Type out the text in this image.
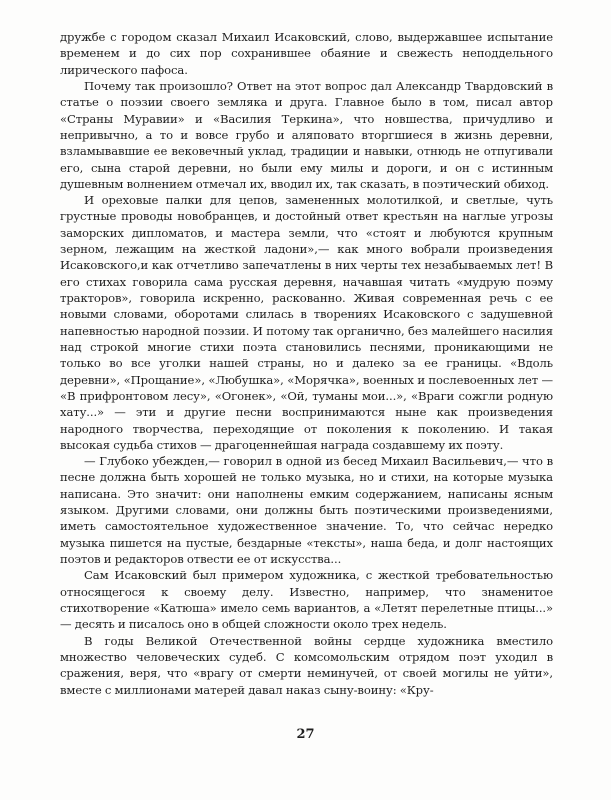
дружбе с городом сказал Михаил Исаковский, слово, выдержавшее испытание временем и до сих пор сохранившее обаяние и свежесть неподдельного лирического пафоса.

Почему так произошло? Ответ на этот вопрос дал Александр Твардовский в статье о поэзии своего земляка и друга. Главное было в том, писал автор «Страны Муравии» и «Василия Теркина», что новшества, причудливо и непривычно, а то и вовсе грубо и аляповато вторгшиеся в жизнь деревни, взламывавшие ее вековечный уклад, традиции и навыки, отнюдь не отпугивали его, сына старой деревни, но были ему милы и дороги, и он с истинным душевным волнением отмечал их, вводил их, так сказать, в поэтический обиход.

И ореховые палки для цепов, замененных молотилкой, и светлые, чуть грустные проводы новобранцев, и достойный ответ крестьян на наглые угрозы заморских дипломатов, и мастера земли, что «стоят и любуются крупным зерном, лежащим на жесткой ладони»,— как много вобрали произведения Исаковского,и как отчетливо запечатлены в них черты тех незабываемых лет! В его стихах говорила сама русская деревня, начавшая читать «мудрую поэму тракторов», говорила искренно, раскованно. Живая современная речь с ее новыми словами, оборотами слилась в творениях Исаковского с задушевной напевностью народной поэзии. И потому так органично, без малейшего насилия над строкой многие стихи поэта становились песнями, проникающими не только во все уголки нашей страны, но и далеко за ее границы. «Вдоль деревни», «Прощание», «Любушка», «Морячка», военных и послевоенных лет — «В прифронтовом лесу», «Огонек», «Ой, туманы мои...», «Враги сожгли родную хату...» — эти и другие песни воспринимаются ныне как произведения народного творчества, переходящие от поколения к поколению. И такая высокая судьба стихов — драгоценнейшая награда создавшему их поэту.

— Глубоко убежден,— говорил в одной из бесед Михаил Васильевич,— что в песне должна быть хорошей не только музыка, но и стихи, на которые музыка написана. Это значит: они наполнены емким содержанием, написаны ясным языком. Другими словами, они должны быть поэтическими произведениями, иметь самостоятельное художественное значение. То, что сейчас нередко музыка пишется на пустые, бездарные «тексты», наша беда, и долг настоящих поэтов и редакторов отвести ее от искусства...

Сам Исаковский был примером художника, с жесткой требовательностью относящегося к своему делу. Известно, например, что знаменитое стихотворение «Катюша» имело семь вариантов, а «Летят перелетные птицы...» — десять и писалось оно в общей сложности около трех недель.

В годы Великой Отечественной войны сердце художника вместило множество человеческих судеб. С комсомольским отрядом поэт уходил в сражения, веря, что «врагу от смерти неминучей, от своей могилы не уйти», вместе с миллионами матерей давал наказ сыну-воину: «Кру-

27
